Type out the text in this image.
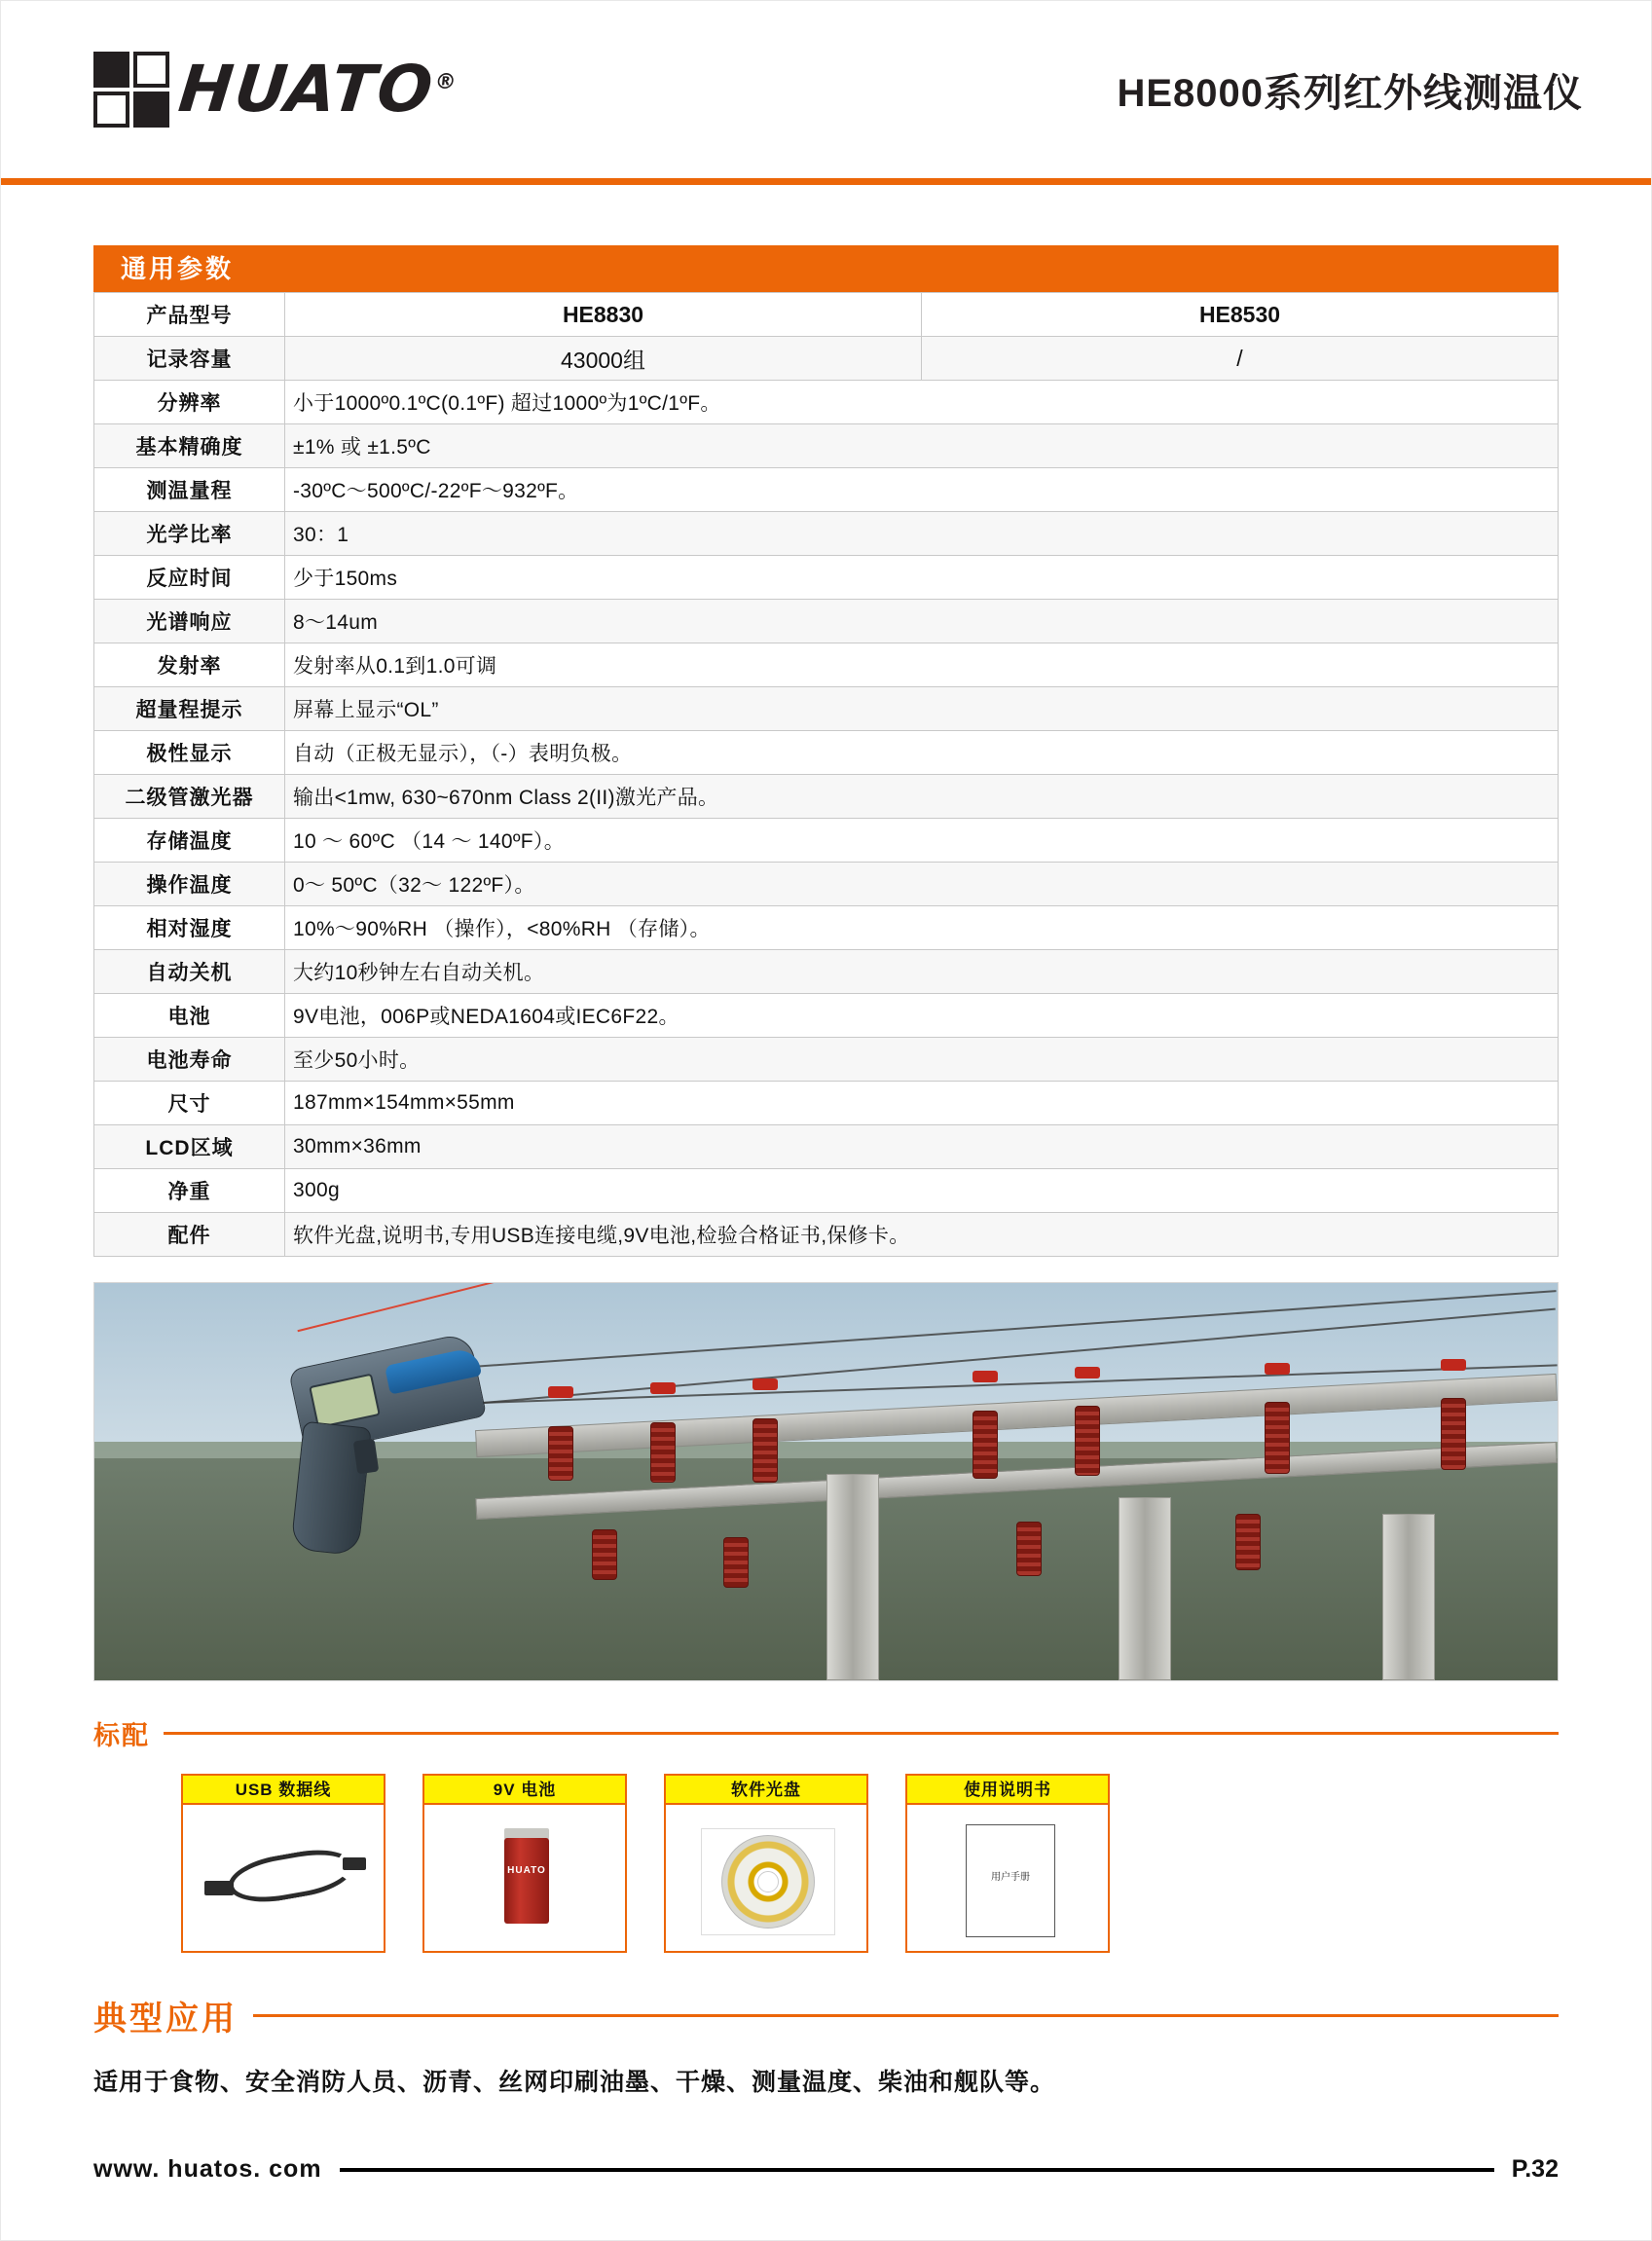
HUATO®	HE8000系列红外线测温仪
通用参数
产品型号	HE8830	HE8530
记录容量	43000组	/
分辨率	小于1000º0.1ºC(0.1ºF) 超过1000º为1ºC/1ºF。	
基本精确度	±1% 或 ±1.5ºC	
测温量程	-30ºC～500ºC/-22ºF～932ºF。	
光学比率	30：1	
反应时间	少于150ms	
光谱响应	8～14um	
发射率	发射率从0.1到1.0可调	
超量程提示	屏幕上显示“OL”	
极性显示	自动（正极无显示），（-）表明负极。	
二级管激光器	输出<1mw, 630~670nm Class 2(II)激光产品。	
存储温度	10 ～ 60ºC （14 ～ 140ºF）。	
操作温度	0～ 50ºC（32～ 122ºF）。	
相对湿度	10%～90%RH （操作），<80%RH （存储）。	
自动关机	大约10秒钟左右自动关机。	
电池	9V电池，006P或NEDA1604或IEC6F22。	
电池寿命	至少50小时。	
尺寸	187mm×154mm×55mm	
LCD区域	30mm×36mm	
净重	300g	
配件	软件光盘,说明书,专用USB连接电缆,9V电池,检验合格证书,保修卡。	
标配
USB 数据线	9V 电池
HUATO
软件光盘	使用说明书
用户手册
典型应用
适用于食物、安全消防人员、沥青、丝网印刷油墨、干燥、测量温度、柴油和舰队等。
www. huatos. com	P.32
